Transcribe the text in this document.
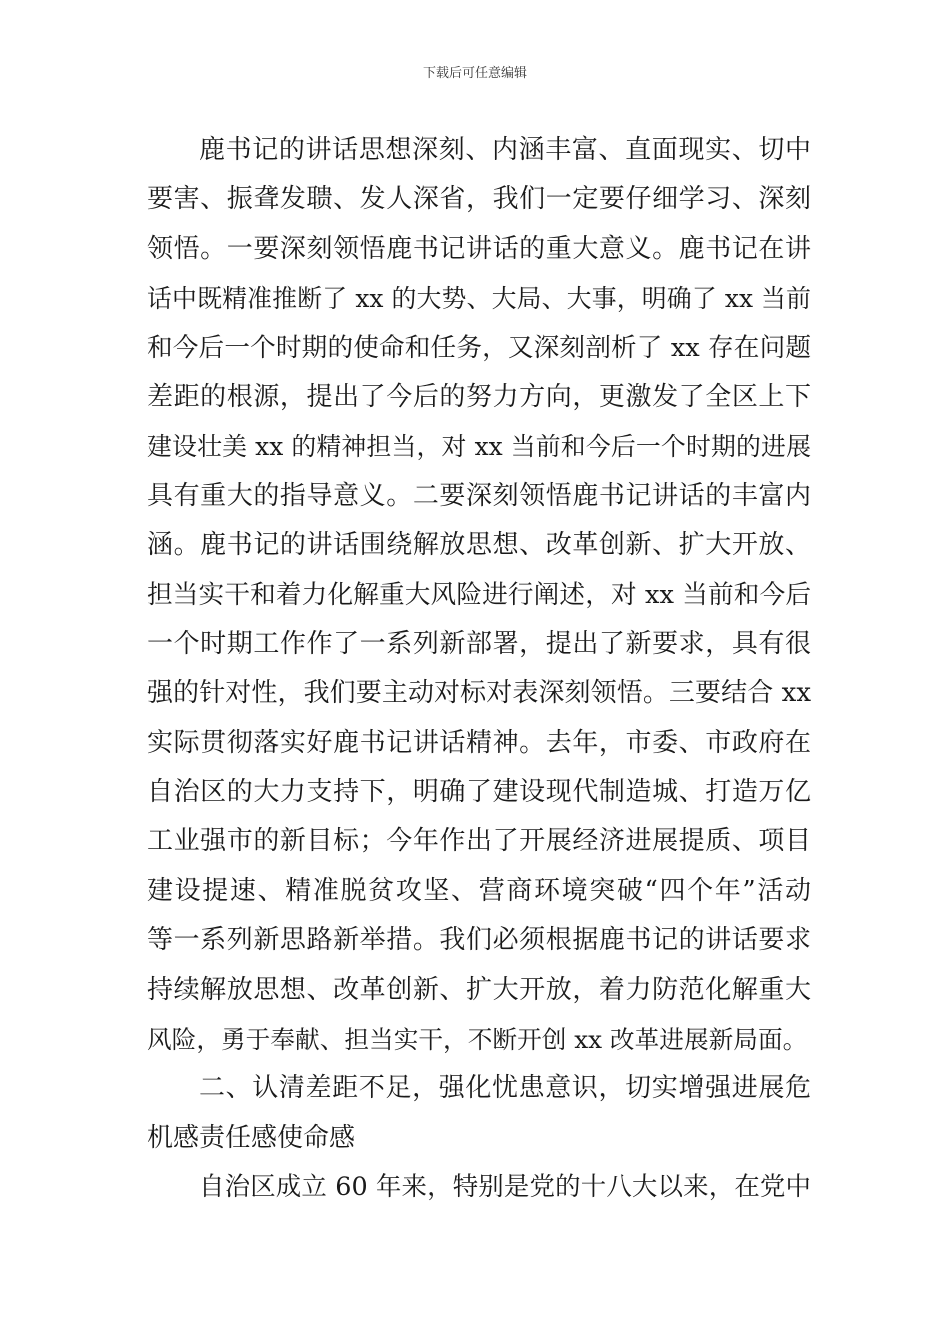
下载后可任意编辑
鹿书记的讲话思想深刻、内涵丰富、直面现实、切中
要害、振聋发聩、发人深省，我们一定要仔细学习、深刻
领悟。一要深刻领悟鹿书记讲话的重大意义。鹿书记在讲
话中既精准推断了 xx 的大势、大局、大事，明确了 xx 当前
和今后一个时期的使命和任务，又深刻剖析了 xx 存在问题
差距的根源，提出了今后的努力方向，更激发了全区上下
建设壮美 xx 的精神担当，对 xx 当前和今后一个时期的进展
具有重大的指导意义。二要深刻领悟鹿书记讲话的丰富内
涵。鹿书记的讲话围绕解放思想、改革创新、扩大开放、
担当实干和着力化解重大风险进行阐述，对 xx 当前和今后
一个时期工作作了一系列新部署，提出了新要求，具有很
强的针对性，我们要主动对标对表深刻领悟。三要结合 xx
实际贯彻落实好鹿书记讲话精神。去年，市委、市政府在
自治区的大力支持下，明确了建设现代制造城、打造万亿
工业强市的新目标；今年作出了开展经济进展提质、项目
建设提速、精准脱贫攻坚、营商环境突破“四个年”活动
等一系列新思路新举措。我们必须根据鹿书记的讲话要求
持续解放思想、改革创新、扩大开放，着力防范化解重大
风险，勇于奉献、担当实干，不断开创 xx 改革进展新局面。
二、认清差距不足，强化忧患意识，切实增强进展危
机感责任感使命感
自治区成立 60 年来，特别是党的十八大以来，在党中
